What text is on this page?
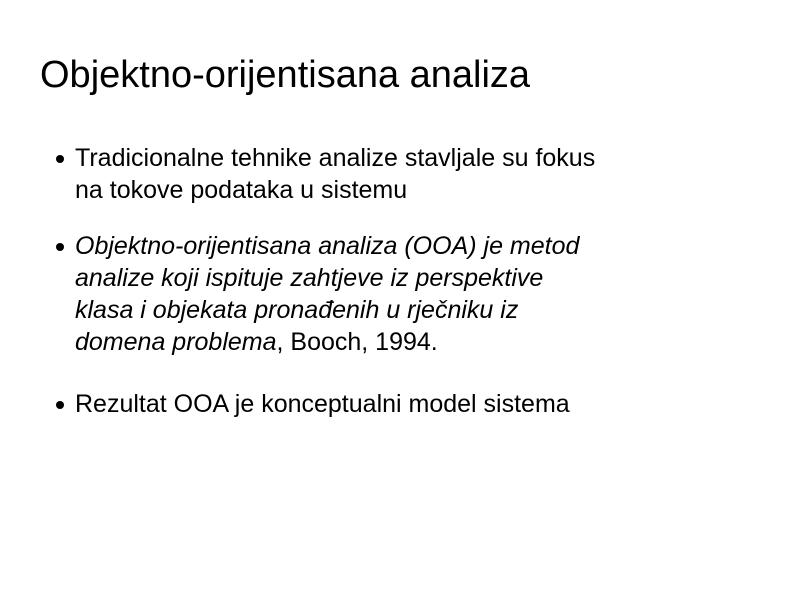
Objektno-orijentisana analiza
Tradicionalne tehnike analize stavljale su fokus
na tokove podataka u sistemu
Objektno-orijentisana analiza (OOA) je metod
analize koji ispituje zahtjeve iz perspektive
klasa i objekata pronađenih u rječniku iz
domena problema, Booch, 1994.
Rezultat OOA je konceptualni model sistema
